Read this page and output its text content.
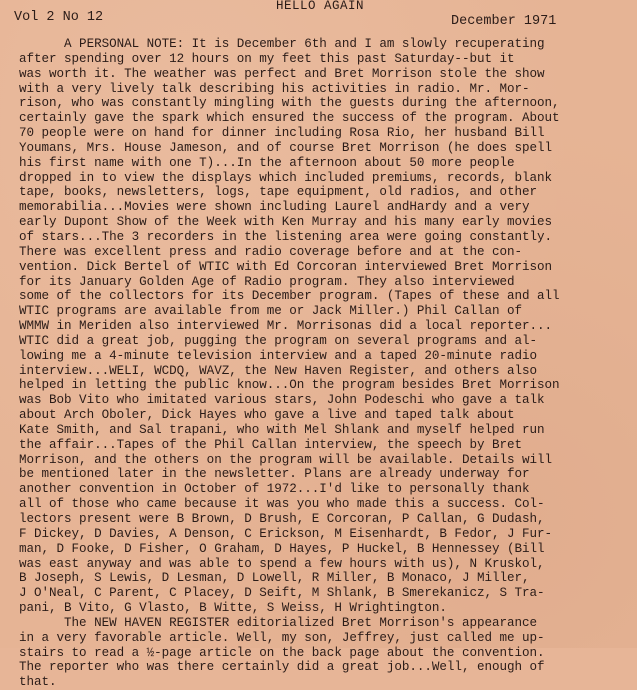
HELLO AGAIN
Vol 2 No 12	December 1971
A PERSONAL NOTE: It is December 6th and I am slowly recuperating
after spending over 12 hours on my feet this past Saturday--but it
was worth it. The weather was perfect and Bret Morrison stole the show
with a very lively talk describing his activities in radio. Mr. Mor-
rison, who was constantly mingling with the guests during the afternoon,
certainly gave the spark which ensured the success of the program. About
70 people were on hand for dinner including Rosa Rio, her husband Bill
Youmans, Mrs. House Jameson, and of course Bret Morrison (he does spell
his first name with one T)...In the afternoon about 50 more people
dropped in to view the displays which included premiums, records, blank
tape, books, newsletters, logs, tape equipment, old radios, and other
memorabilia...Movies were shown including Laurel andHardy and a very
early Dupont Show of the Week with Ken Murray and his many early movies
of stars...The 3 recorders in the listening area were going constantly.
There was excellent press and radio coverage before and at the con-
vention. Dick Bertel of WTIC with Ed Corcoran interviewed Bret Morrison
for its January Golden Age of Radio program. They also interviewed
some of the collectors for its December program. (Tapes of these and all
WTIC programs are available from me or Jack Miller.) Phil Callan of
WMMW in Meriden also interviewed Mr. Morrisonas did a local reporter...
WTIC did a great job, pugging the program on several programs and al-
lowing me a 4-minute television interview and a taped 20-minute radio
interview...WELI, WCDQ, WAVZ, the New Haven Register, and others also
helped in letting the public know...On the program besides Bret Morrison
was Bob Vito who imitated various stars, John Podeschi who gave a talk
about Arch Oboler, Dick Hayes who gave a live and taped talk about
Kate Smith, and Sal trapani, who with Mel Shlank and myself helped run
the affair...Tapes of the Phil Callan interview, the speech by Bret
Morrison, and the others on the program will be available. Details will
be mentioned later in the newsletter. Plans are already underway for
another convention in October of 1972...I'd like to personally thank
all of those who came because it was you who made this a success. Col-
lectors present were B Brown, D Brush, E Corcoran, P Callan, G Dudash,
F Dickey, D Davies, A Denson, C Erickson, M Eisenhardt, B Fedor, J Fur-
man, D Fooke, D Fisher, O Graham, D Hayes, P Huckel, B Hennessey (Bill
was east anyway and was able to spend a few hours with us), N Kruskol,
B Joseph, S Lewis, D Lesman, D Lowell, R Miller, B Monaco, J Miller,
J O'Neal, C Parent, C Placey, D Seift, M Shlank, B Smerekanicz, S Tra-
pani, B Vito, G Vlasto, B Witte, S Weiss, H Wrightington.
The NEW HAVEN REGISTER editorialized Bret Morrison's appearance
in a very favorable article. Well, my son, Jeffrey, just called me up-
stairs to read a ½-page article on the back page about the convention.
The reporter who was there certainly did a great job...Well, enough of
that.
